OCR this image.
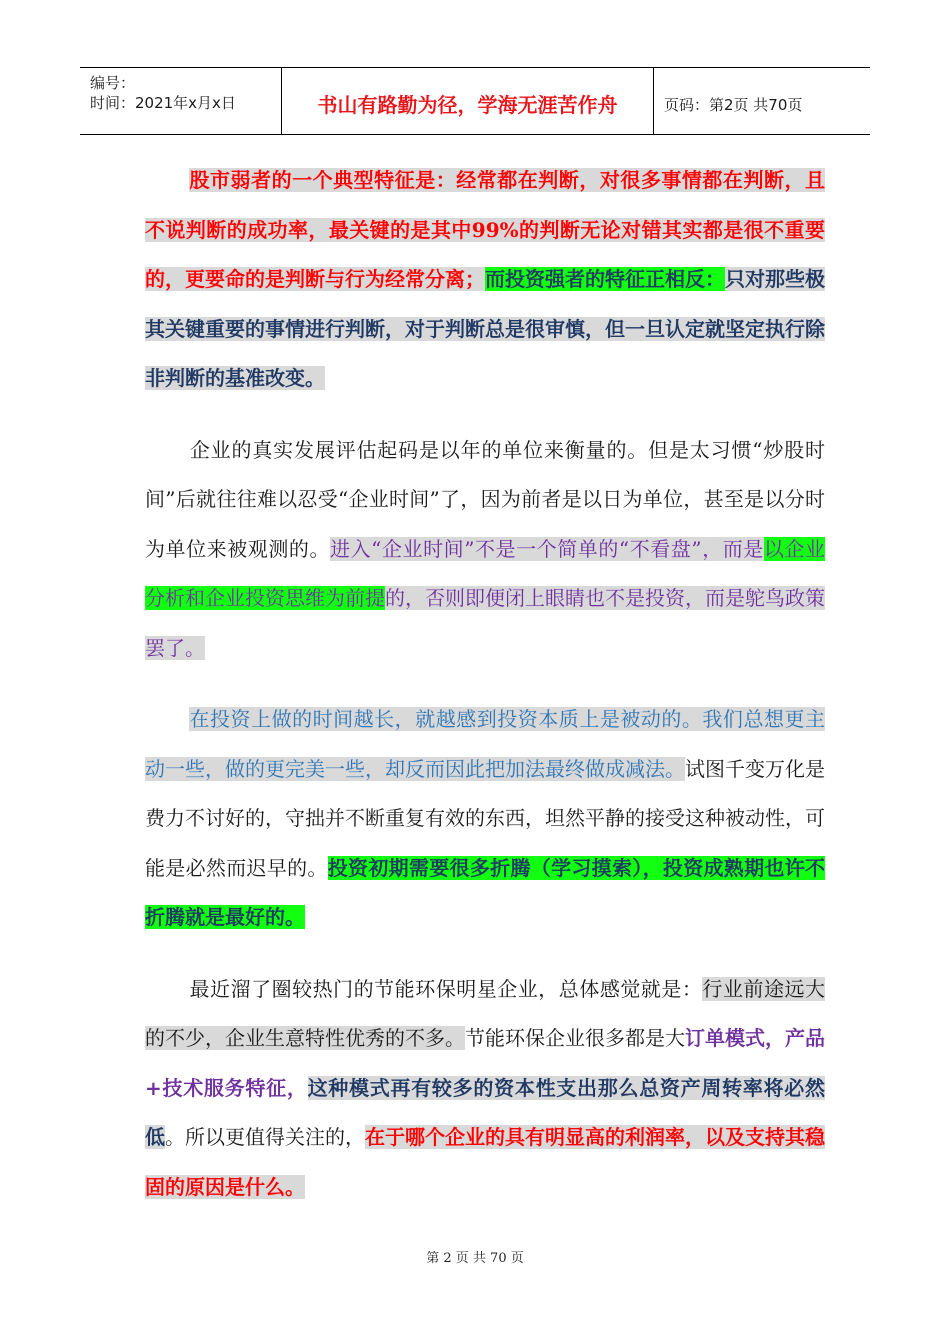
编号：
时间：2021年x月x日	书山有路勤为径，学海无涯苦作舟	页码：第2页 共70页

股市弱者的一个典型特征是：经常都在判断，对很多事情都在判断，且不说判断的成功率，最关键的是其中99%的判断无论对错其实都是很不重要的，更要命的是判断与行为经常分离；而投资强者的特征正相反：只对那些极其关键重要的事情进行判断，对于判断总是很审慎，但一旦认定就坚定执行除非判断的基准改变。

企业的真实发展评估起码是以年的单位来衡量的。但是太习惯“炒股时间”后就往往难以忍受“企业时间”了，因为前者是以日为单位，甚至是以分时为单位来被观测的。进入“企业时间”不是一个简单的“不看盘”，而是以企业分析和企业投资思维为前提的，否则即便闭上眼睛也不是投资，而是鸵鸟政策罢了。

在投资上做的时间越长，就越感到投资本质上是被动的。我们总想更主动一些，做的更完美一些，却反而因此把加法最终做成减法。试图千变万化是费力不讨好的，守拙并不断重复有效的东西，坦然平静的接受这种被动性，可能是必然而迟早的。投资初期需要很多折腾（学习摸索），投资成熟期也许不折腾就是最好的。

最近溜了圈较热门的节能环保明星企业，总体感觉就是：行业前途远大的不少，企业生意特性优秀的不多。节能环保企业很多都是大订单模式，产品+技术服务特征，这种模式再有较多的资本性支出那么总资产周转率将必然低。所以更值得关注的，在于哪个企业的具有明显高的利润率，以及支持其稳固的原因是什么。

第 2 页 共 70 页
